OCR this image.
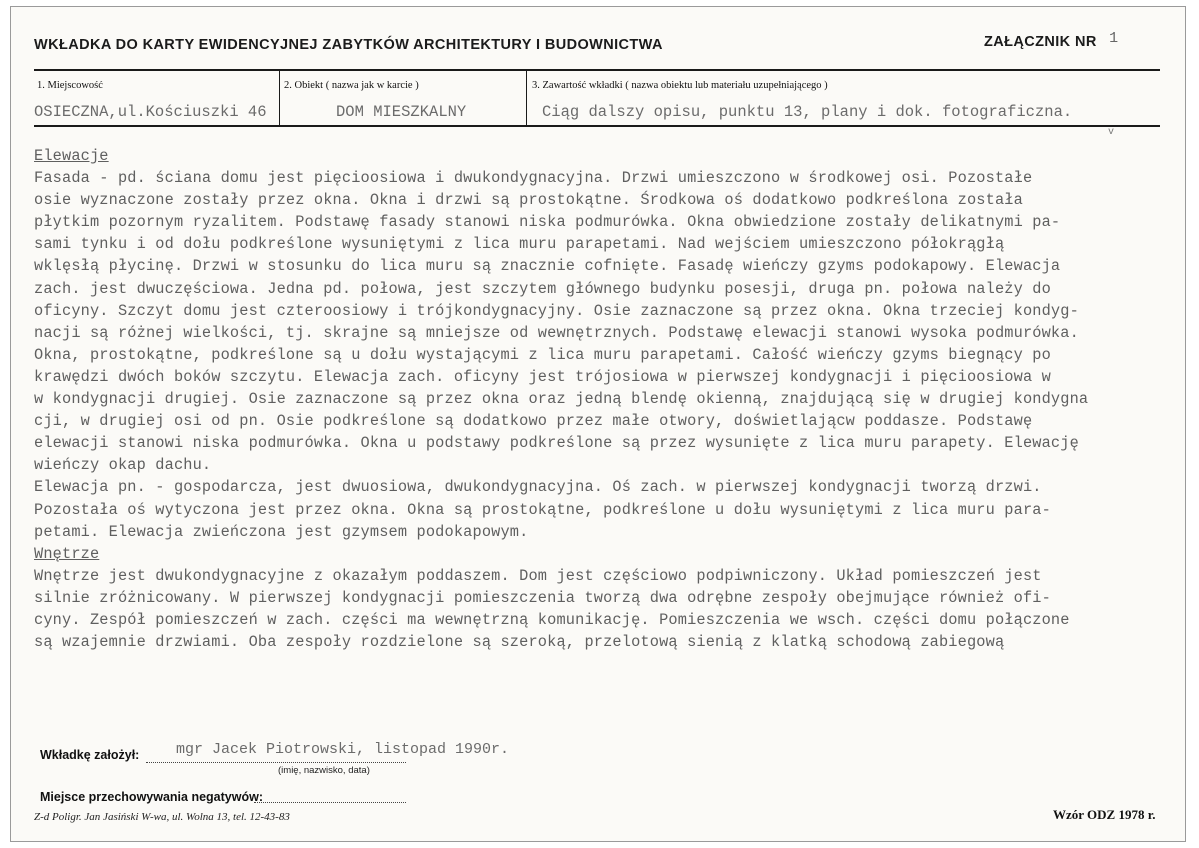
WKŁADKA DO KARTY EWIDENCYJNEJ ZABYTKÓW ARCHITEKTURY I BUDOWNICTWA	ZAŁĄCZNIK NR 1
1. Miejscowość	2. Obiekt ( nazwa jak w karcie )	3. Zawartość wkładki ( nazwa obiektu lub materiału uzupełniającego )
OSIECZNA,ul.Kościuszki 46	DOM MIESZKALNY	Ciąg dalszy opisu, punktu 13, plany i dok. fotograficzna.
v
Elewacje
Fasada - pd. ściana domu jest pięcioosiowa i dwukondygnacyjna. Drzwi umieszczono w środkowej osi. Pozostałe
osie wyznaczone zostały przez okna. Okna i drzwi są prostokątne. Środkowa oś dodatkowo podkreślona została
płytkim pozornym ryzalitem. Podstawę fasady stanowi niska podmurówka. Okna obwiedzione zostały delikatnymi pa-
sami tynku i od dołu podkreślone wysuniętymi z lica muru parapetami. Nad wejściem umieszczono półokrągłą
wklęsłą płycinę. Drzwi w stosunku do lica muru są znacznie cofnięte. Fasadę wieńczy gzyms podokapowy. Elewacja
zach. jest dwuczęściowa. Jedna pd. połowa, jest szczytem głównego budynku posesji, druga pn. połowa należy do
oficyny. Szczyt domu jest czteroosiowy i trójkondygnacyjny. Osie zaznaczone są przez okna. Okna trzeciej kondyg-
nacji są różnej wielkości, tj. skrajne są mniejsze od wewnętrznych. Podstawę elewacji stanowi wysoka podmurówka.
Okna, prostokątne, podkreślone są u dołu wystającymi z lica muru parapetami. Całość wieńczy gzyms biegnący po
krawędzi dwóch boków szczytu. Elewacja zach. oficyny jest trójosiowa w pierwszej kondygnacji i pięcioosiowa w
w kondygnacji drugiej. Osie zaznaczone są przez okna oraz jedną blendę okienną, znajdującą się w drugiej kondygna
cji, w drugiej osi od pn. Osie podkreślone są dodatkowo przez małe otwory, doświetlającw poddasze. Podstawę
elewacji stanowi niska podmurówka. Okna u podstawy podkreślone są przez wysunięte z lica muru parapety. Elewację
wieńczy okap dachu.
Elewacja pn. - gospodarcza, jest dwuosiowa, dwukondygnacyjna. Oś zach. w pierwszej kondygnacji tworzą drzwi.
Pozostała oś wytyczona jest przez okna. Okna są prostokątne, podkreślone u dołu wysuniętymi z lica muru para-
petami. Elewacja zwieńczona jest gzymsem podokapowym.
Wnętrze
Wnętrze jest dwukondygnacyjne z okazałym poddaszem. Dom jest częściowo podpiwniczony. Układ pomieszczeń jest
silnie zróżnicowany. W pierwszej kondygnacji pomieszczenia tworzą dwa odrębne zespoły obejmujące również ofi-
cyny. Zespół pomieszczeń w zach. części ma wewnętrzną komunikację. Pomieszczenia we wsch. części domu połączone
są wzajemnie drzwiami. Oba zespoły rozdzielone są szeroką, przelotową sienią z klatką schodową zabiegową
Wkładkę założył: mgr Jacek Piotrowski, listopad 1990r.
(imię, nazwisko, data)
Miejsce przechowywania negatywów:
Z-d Poligr. Jan Jasiński W-wa, ul. Wolna 13, tel. 12-43-83	Wzór ODZ 1978 r.
